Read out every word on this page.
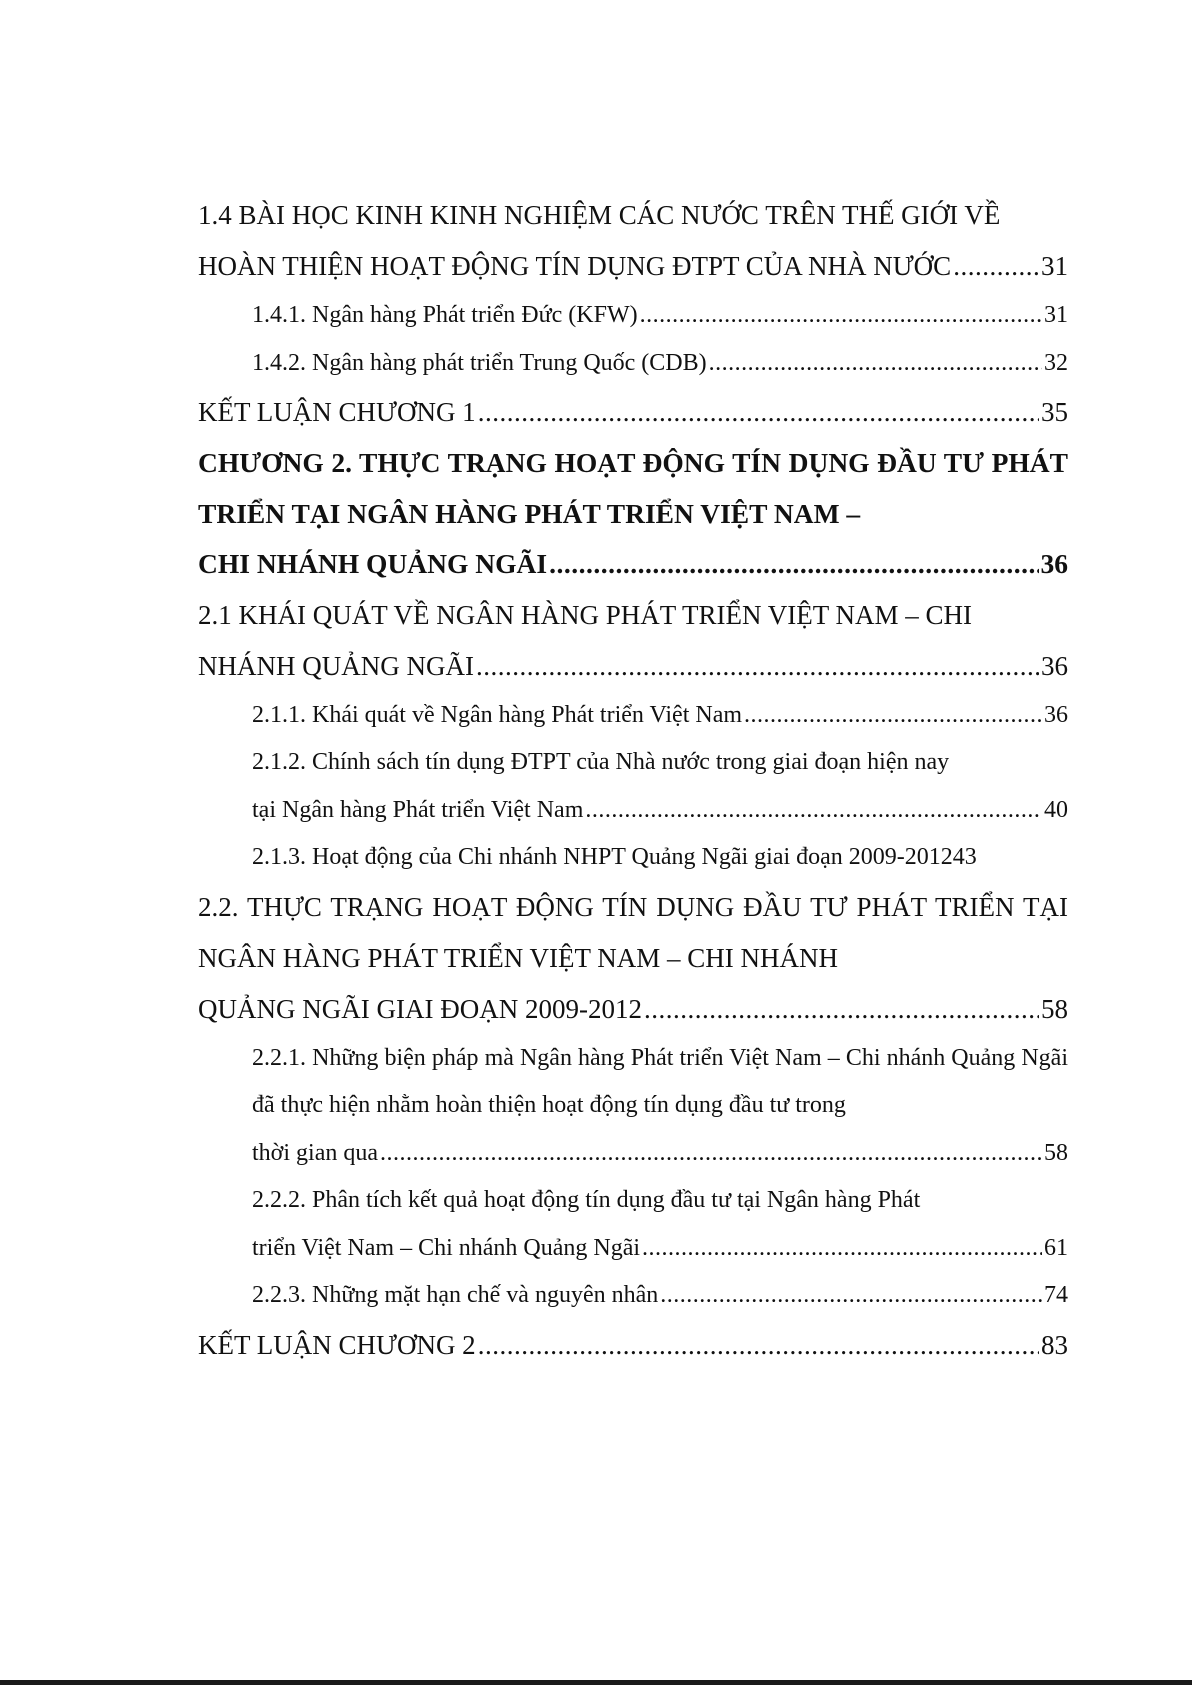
1.4 BÀI HỌC KINH KINH NGHIỆM CÁC NƯỚC TRÊN THẾ GIỚI VỀ
HOÀN THIỆN HOẠT ĐỘNG TÍN DỤNG ĐTPT CỦA NHÀ NƯỚC .....	31
1.4.1. Ngân hàng Phát triển Đức (KFW) .....	31
1.4.2. Ngân hàng phát triển Trung Quốc (CDB) .....	32
KẾT LUẬN CHƯƠNG 1 .....	35
CHƯƠNG 2. THỰC TRẠNG HOẠT ĐỘNG TÍN DỤNG ĐẦU TƯ PHÁT TRIỂN TẠI NGÂN HÀNG PHÁT TRIỂN VIỆT NAM –
CHI NHÁNH QUẢNG NGÃI .....	36
2.1 KHÁI QUÁT VỀ NGÂN HÀNG PHÁT TRIỂN VIỆT NAM – CHI
NHÁNH QUẢNG NGÃI .....	36
2.1.1. Khái quát về Ngân hàng Phát triển Việt Nam .....	36
2.1.2. Chính sách tín dụng ĐTPT của Nhà nước trong giai đoạn hiện nay
tại Ngân hàng Phát triển Việt Nam .....	40
2.1.3. Hoạt động của Chi nhánh NHPT Quảng Ngãi giai đoạn 2009-2012 43
2.2. THỰC TRẠNG HOẠT ĐỘNG TÍN DỤNG ĐẦU TƯ PHÁT TRIỂN TẠI NGÂN HÀNG PHÁT TRIỂN VIỆT NAM – CHI NHÁNH
QUẢNG NGÃI GIAI ĐOẠN 2009-2012 .....	58
2.2.1. Những biện pháp mà Ngân hàng Phát triển Việt Nam – Chi nhánh Quảng Ngãi đã thực hiện nhằm hoàn thiện hoạt động tín dụng đầu tư trong
thời gian qua .....	58
2.2.2. Phân tích kết quả hoạt động tín dụng đầu tư tại Ngân hàng Phát
triển Việt Nam – Chi nhánh Quảng Ngãi .....	61
2.2.3. Những mặt hạn chế và nguyên nhân .....	74
KẾT LUẬN CHƯƠNG 2 .....	83
